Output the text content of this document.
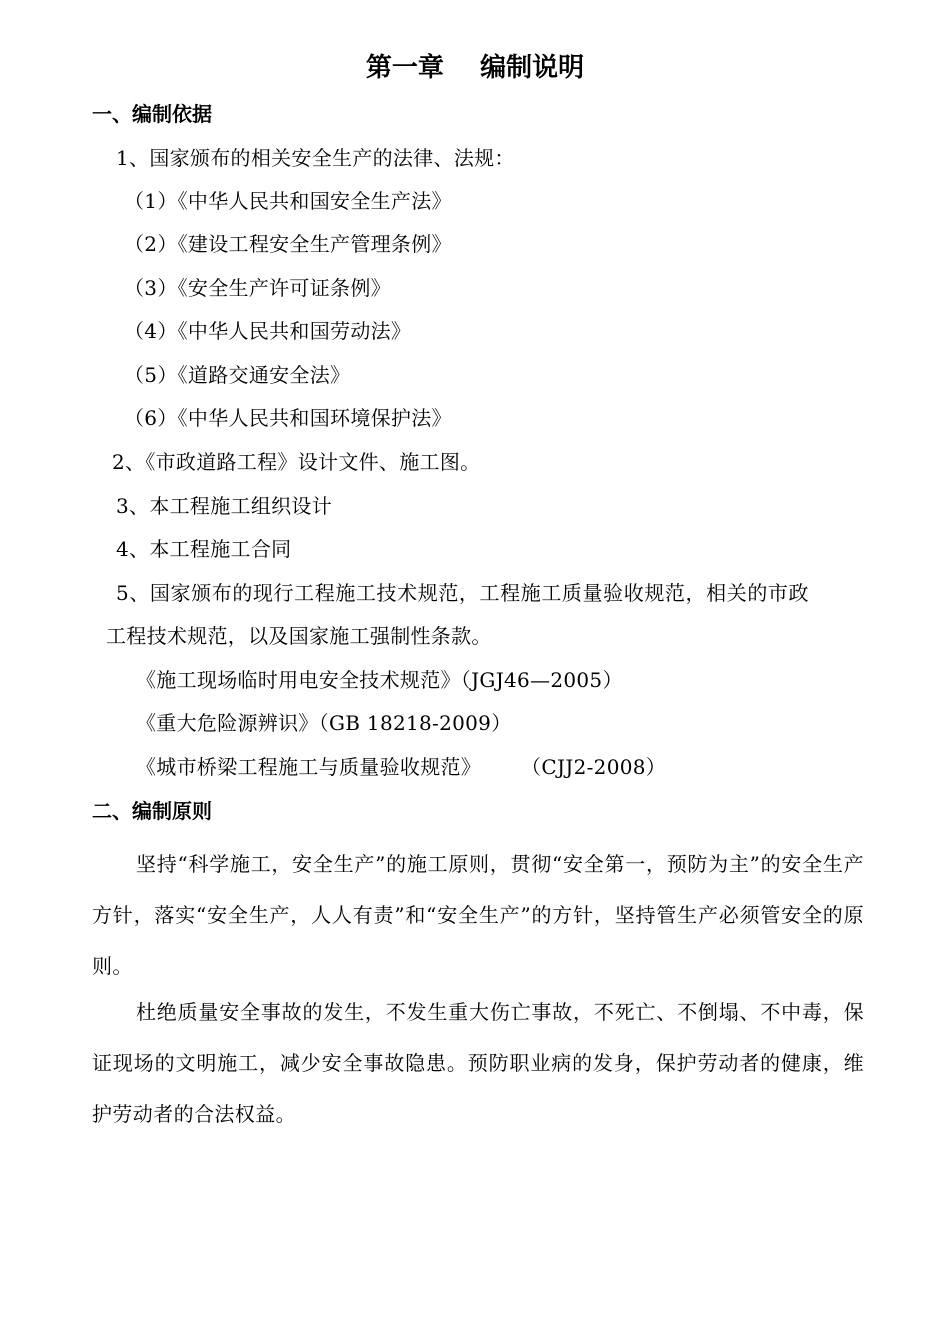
第一章    编制说明
一、编制依据
1、国家颁布的相关安全生产的法律、法规：
（1）《中华人民共和国安全生产法》
（2）《建设工程安全生产管理条例》
（3）《安全生产许可证条例》
（4）《中华人民共和国劳动法》
（5）《道路交通安全法》
（6）《中华人民共和国环境保护法》
2、《市政道路工程》设计文件、施工图。
3、本工程施工组织设计
4、本工程施工合同
5、国家颁布的现行工程施工技术规范，工程施工质量验收规范，相关的市政
工程技术规范，以及国家施工强制性条款。
《施工现场临时用电安全技术规范》（JGJ46—2005）
《重大危险源辨识》（GB 18218-2009）
《城市桥梁工程施工与质量验收规范》      （CJJ2-2008）
二、编制原则
坚持“科学施工，安全生产”的施工原则，贯彻“安全第一，预防为主”的安全生产方针，落实“安全生产，人人有责”和“安全生产”的方针，坚持管生产必须管安全的原则。
杜绝质量安全事故的发生，不发生重大伤亡事故，不死亡、不倒塌、不中毒，保证现场的文明施工，减少安全事故隐患。预防职业病的发身，保护劳动者的健康，维护劳动者的合法权益。
